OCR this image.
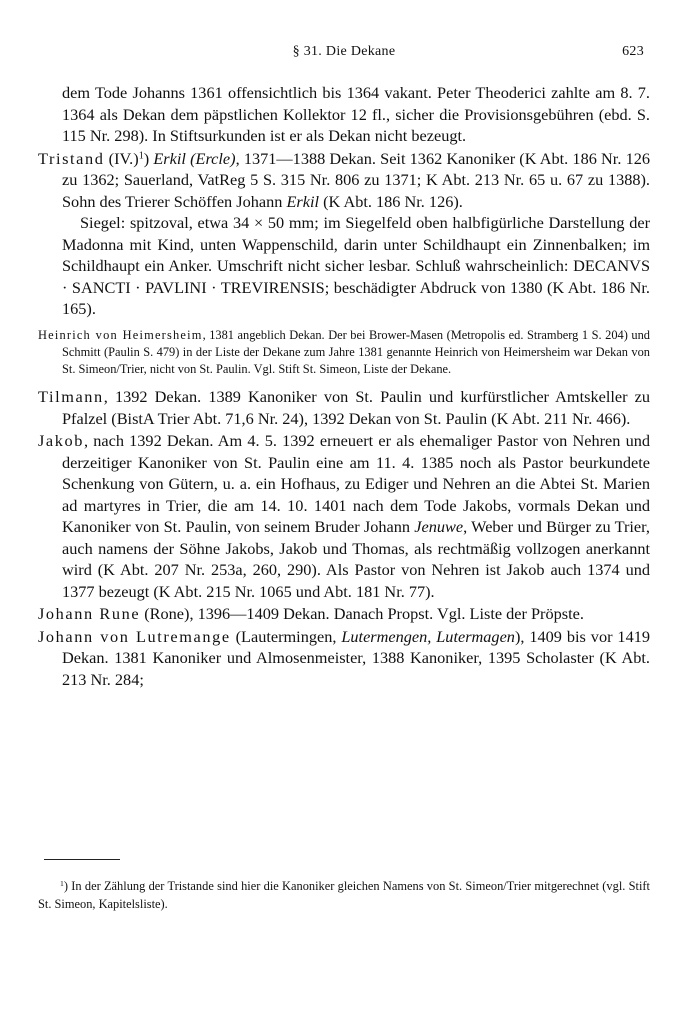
§ 31. Die Dekane	623

dem Tode Johanns 1361 offensichtlich bis 1364 vakant. Peter Theoderici zahlte am 8. 7. 1364 als Dekan dem päpstlichen Kollektor 12 fl., sicher die Provisionsgebühren (ebd. S. 115 Nr. 298). In Stiftsurkunden ist er als Dekan nicht bezeugt.

Tristand $(IV.)^1$) Erkil (Ercle), 1371—1388 Dekan. Seit 1362 Kanoniker (K Abt. 186 Nr. 126 zu 1362; Sauerland, VatReg 5 S. 315 Nr. 806 zu 1371; K Abt. 213 Nr. 65 u. 67 zu 1388). Sohn des Trierer Schöffen Johann Erkil (K Abt. 186 Nr. 126).

Siegel: spitzoval, etwa 34 × 50 mm; im Siegelfeld oben halbfigürliche Darstellung der Madonna mit Kind, unten Wappenschild, darin unter Schildhaupt ein Zinnenbalken; im Schildhaupt ein Anker. Umschrift nicht sicher lesbar. Schluß wahrscheinlich: DECANVS · SANCTI · PAVLINI · TREVIRENSIS; beschädigter Abdruck von 1380 (K Abt. 186 Nr. 165).

Heinrich von Heimersheim, 1381 angeblich Dekan. Der bei Brower-Masen (Metropolis ed. Stramberg 1 S. 204) und Schmitt (Paulin S. 479) in der Liste der Dekane zum Jahre 1381 genannte Heinrich von Heimersheim war Dekan von St. Simeon/Trier, nicht von St. Paulin. Vgl. Stift St. Simeon, Liste der Dekane.

Tilmann, 1392 Dekan. 1389 Kanoniker von St. Paulin und kurfürstlicher Amtskeller zu Pfalzel (BistA Trier Abt. 71,6 Nr. 24), 1392 Dekan von St. Paulin (K Abt. 211 Nr. 466).

Jakob, nach 1392 Dekan. Am 4. 5. 1392 erneuert er als ehemaliger Pastor von Nehren und derzeitiger Kanoniker von St. Paulin eine am 11. 4. 1385 noch als Pastor beurkundete Schenkung von Gütern, u. a. ein Hofhaus, zu Ediger und Nehren an die Abtei St. Marien ad martyres in Trier, die am 14. 10. 1401 nach dem Tode Jakobs, vormals Dekan und Kanoniker von St. Paulin, von seinem Bruder Johann Jenuwe, Weber und Bürger zu Trier, auch namens der Söhne Jakobs, Jakob und Thomas, als rechtmäßig vollzogen anerkannt wird (K Abt. 207 Nr. 253a, 260, 290). Als Pastor von Nehren ist Jakob auch 1374 und 1377 bezeugt (K Abt. 215 Nr. 1065 und Abt. 181 Nr. 77).

Johann Rune (Rone), 1396—1409 Dekan. Danach Propst. Vgl. Liste der Pröpste.

Johann von Lutremange (Lautermingen, Lutermengen, Lutermagen), 1409 bis vor 1419 Dekan. 1381 Kanoniker und Almosenmeister, 1388 Kanoniker, 1395 Scholaster (K Abt. 213 Nr. 284;

$^1$) In der Zählung der Tristande sind hier die Kanoniker gleichen Namens von St. Simeon/Trier mitgerechnet (vgl. Stift St. Simeon, Kapitelsliste).
